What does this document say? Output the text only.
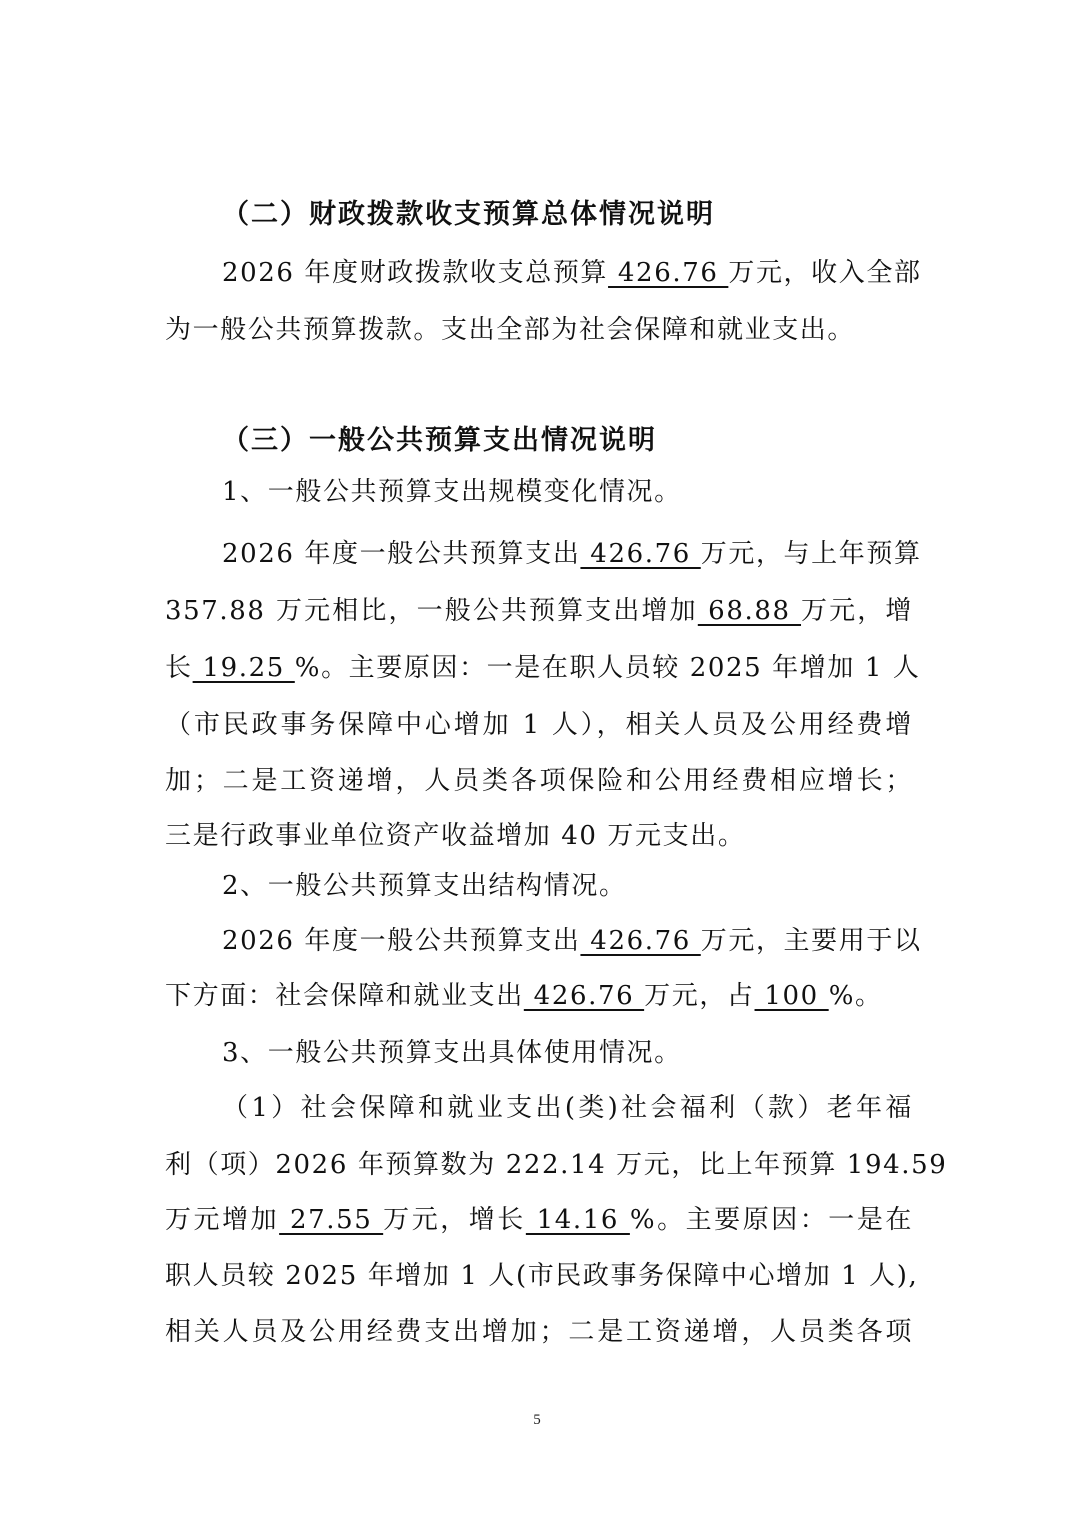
（二）财政拨款收支预算总体情况说明
2026 年度财政拨款收支总预算 426.76 万元，收入全部
为一般公共预算拨款。支出全部为社会保障和就业支出。
（三）一般公共预算支出情况说明
1、一般公共预算支出规模变化情况。
2026 年度一般公共预算支出 426.76 万元，与上年预算
357.88 万元相比，一般公共预算支出增加 68.88 万元，增
长 19.25 %。主要原因：一是在职人员较 2025 年增加 1 人
（市民政事务保障中心增加 1 人），相关人员及公用经费增
加；二是工资递增，人员类各项保险和公用经费相应增长；
三是行政事业单位资产收益增加 40 万元支出。
2、一般公共预算支出结构情况。
2026 年度一般公共预算支出 426.76 万元，主要用于以
下方面：社会保障和就业支出 426.76 万元，占 100 %。
3、一般公共预算支出具体使用情况。
（1）社会保障和就业支出(类)社会福利（款）老年福
利（项）2026 年预算数为 222.14 万元，比上年预算 194.59
万元增加 27.55 万元，增长 14.16 %。主要原因：一是在
职人员较 2025 年增加 1 人(市民政事务保障中心增加 1 人),
相关人员及公用经费支出增加；二是工资递增，人员类各项
5
